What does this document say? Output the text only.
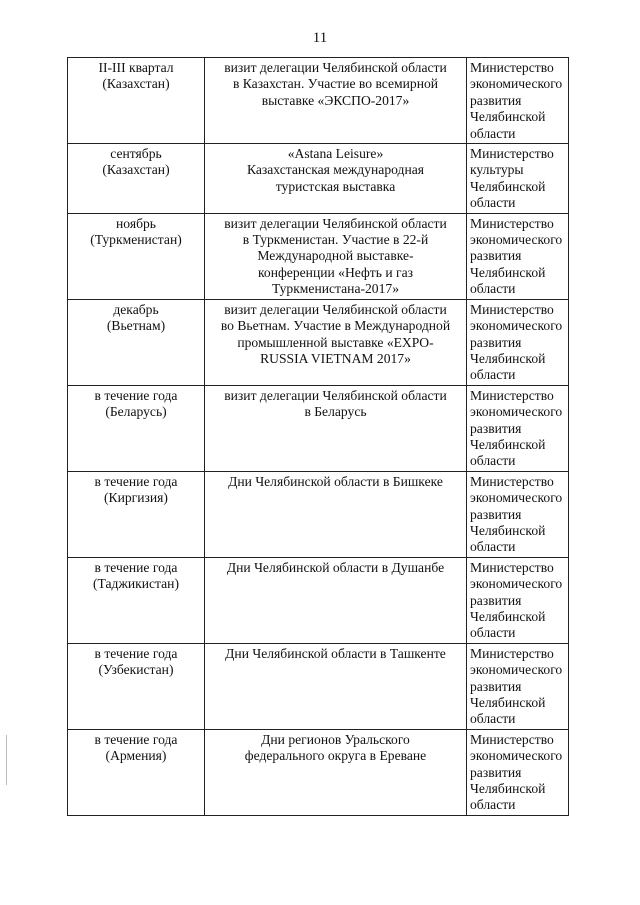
11
II-III квартал
(Казахстан)	визит делегации Челябинской области
в Казахстан. Участие во всемирной
выставке «ЭКСПО-2017»	Министерство
экономического
развития
Челябинской
области

сентябрь
(Казахстан)	«Astana Leisure»
Казахстанская международная
туристская выставка	Министерство
культуры
Челябинской
области

ноябрь
(Туркменистан)	визит делегации Челябинской области
в Туркменистан. Участие в 22-й
Международной выставке-
конференции «Нефть и газ
Туркменистана-2017»	Министерство
экономического
развития
Челябинской
области

декабрь
(Вьетнам)	визит делегации Челябинской области
во Вьетнам. Участие в Международной
промышленной выставке «EXPO-
RUSSIA VIETNAM 2017»	Министерство
экономического
развития
Челябинской
области

в течение года
(Беларусь)	визит делегации Челябинской области
в Беларусь	Министерство
экономического
развития
Челябинской
области

в течение года
(Киргизия)	Дни Челябинской области в Бишкеке	Министерство
экономического
развития
Челябинской
области

в течение года
(Таджикистан)	Дни Челябинской области в Душанбе	Министерство
экономического
развития
Челябинской
области

в течение года
(Узбекистан)	Дни Челябинской области в Ташкенте	Министерство
экономического
развития
Челябинской
области

в течение года
(Армения)	Дни регионов Уральского
федерального округа в Ереване	Министерство
экономического
развития
Челябинской
области
